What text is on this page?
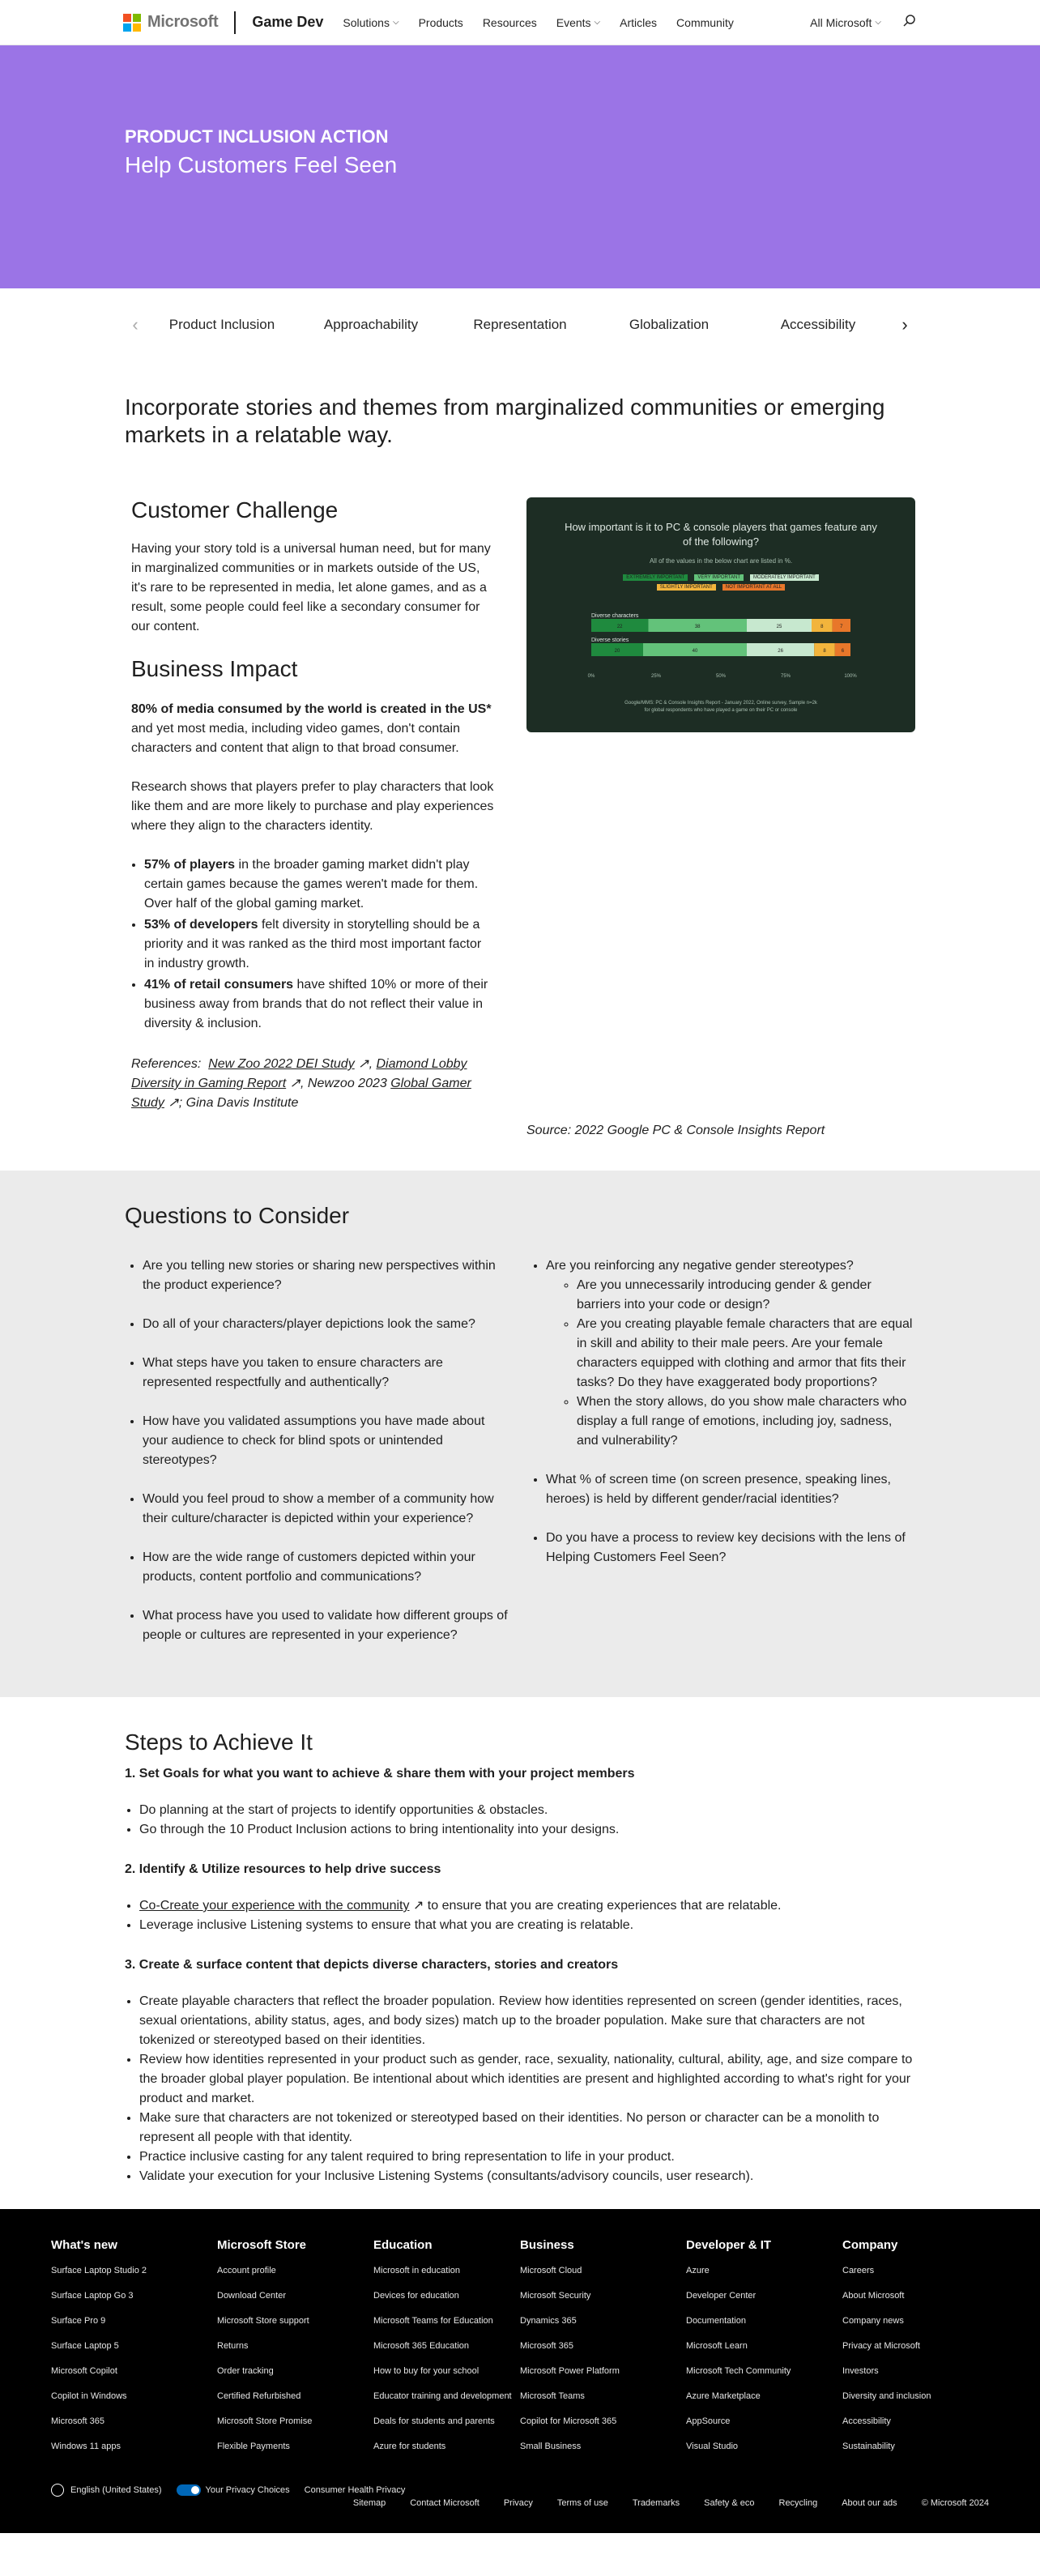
Microsoft Game Dev Solutions ⌵ Products Resources Events ⌵ Articles Community	All Microsoft ⌵
PRODUCT INCLUSION ACTION
Help Customers Feel Seen
‹	Product Inclusion	Approachability	Representation	Globalization	Accessibility	›
Incorporate stories and themes from marginalized communities or emerging markets in a relatable way.
Customer Challenge
Having your story told is a universal human need, but for many in marginalized communities or in markets outside of the US, it's rare to be represented in media, let alone games, and as a result, some people could feel like a secondary consumer for our content.
Business Impact
80% of media consumed by the world is created in the US* and yet most media, including video games, don't contain characters and content that align to that broad consumer.
Research shows that players prefer to play characters that look like them and are more likely to purchase and play experiences where they align to the characters identity.
• 57% of players in the broader gaming market didn't play certain games because the games weren't made for them. Over half of the global gaming market.
• 53% of developers felt diversity in storytelling should be a priority and it was ranked as the third most important factor in industry growth.
• 41% of retail consumers have shifted 10% or more of their business away from brands that do not reflect their value in diversity & inclusion.
References: New Zoo 2022 DEI Study ↗, Diamond Lobby Diversity in Gaming Report ↗, Newzoo 2023 Global Gamer Study ↗; Gina Davis Institute
How important is it to PC & console players that games feature any of the following?
All of the values in the below chart are listed in %.
EXTREMELY IMPORTANT	VERY IMPORTANT	MODERATELY IMPORTANT
SLIGHTLY IMPORTANT	NOT IMPORTANT AT ALL
Diverse characters
22	38	25	8	7
Diverse stories
20	40	26	8	6
0%	25%	50%	75%	100%
Google/MMS: PC & Console Insights Report - January 2022, Online survey, Sample n=2k for global respondents who have played a game on their PC or console
Source: 2022 Google PC & Console Insights Report
Questions to Consider
• Are you telling new stories or sharing new perspectives within the product experience?
• Do all of your characters/player depictions look the same?
• What steps have you taken to ensure characters are represented respectfully and authentically?
• How have you validated assumptions you have made about your audience to check for blind spots or unintended stereotypes?
• Would you feel proud to show a member of a community how their culture/character is depicted within your experience?
• How are the wide range of customers depicted within your products, content portfolio and communications?
• What process have you used to validate how different groups of people or cultures are represented in your experience?
• Are you reinforcing any negative gender stereotypes?
◦ Are you unnecessarily introducing gender & gender barriers into your code or design?
◦ Are you creating playable female characters that are equal in skill and ability to their male peers. Are your female characters equipped with clothing and armor that fits their tasks? Do they have exaggerated body proportions?
◦ When the story allows, do you show male characters who display a full range of emotions, including joy, sadness, and vulnerability?
• What % of screen time (on screen presence, speaking lines, heroes) is held by different gender/racial identities?
• Do you have a process to review key decisions with the lens of Helping Customers Feel Seen?
Steps to Achieve It
1. Set Goals for what you want to achieve & share them with your project members
• Do planning at the start of projects to identify opportunities & obstacles.
• Go through the 10 Product Inclusion actions to bring intentionality into your designs.
2. Identify & Utilize resources to help drive success
• Co-Create your experience with the community ↗ to ensure that you are creating experiences that are relatable.
• Leverage inclusive Listening systems to ensure that what you are creating is relatable.
3. Create & surface content that depicts diverse characters, stories and creators
• Create playable characters that reflect the broader population. Review how identities represented on screen (gender identities, races, sexual orientations, ability status, ages, and body sizes) match up to the broader population. Make sure that characters are not tokenized or stereotyped based on their identities.
• Review how identities represented in your product such as gender, race, sexuality, nationality, cultural, ability, age, and size compare to the broader global player population. Be intentional about which identities are present and highlighted according to what's right for your product and market.
• Make sure that characters are not tokenized or stereotyped based on their identities. No person or character can be a monolith to represent all people with that identity.
• Practice inclusive casting for any talent required to bring representation to life in your product.
• Validate your execution for your Inclusive Listening Systems (consultants/advisory councils, user research).
What's new
Surface Laptop Studio 2
Surface Laptop Go 3
Surface Pro 9
Surface Laptop 5
Microsoft Copilot
Copilot in Windows
Microsoft 365
Windows 11 apps
Microsoft Store
Account profile
Download Center
Microsoft Store support
Returns
Order tracking
Certified Refurbished
Microsoft Store Promise
Flexible Payments
Education
Microsoft in education
Devices for education
Microsoft Teams for Education
Microsoft 365 Education
How to buy for your school
Educator training and development
Deals for students and parents
Azure for students
Business
Microsoft Cloud
Microsoft Security
Dynamics 365
Microsoft 365
Microsoft Power Platform
Microsoft Teams
Copilot for Microsoft 365
Small Business
Developer & IT
Azure
Developer Center
Documentation
Microsoft Learn
Microsoft Tech Community
Azure Marketplace
AppSource
Visual Studio
Company
Careers
About Microsoft
Company news
Privacy at Microsoft
Investors
Diversity and inclusion
Accessibility
Sustainability
English (United States)	Your Privacy Choices Consumer Health Privacy
Sitemap	Contact Microsoft	Privacy	Terms of use	Trademarks	Safety & eco	Recycling	About our ads	© Microsoft 2024
